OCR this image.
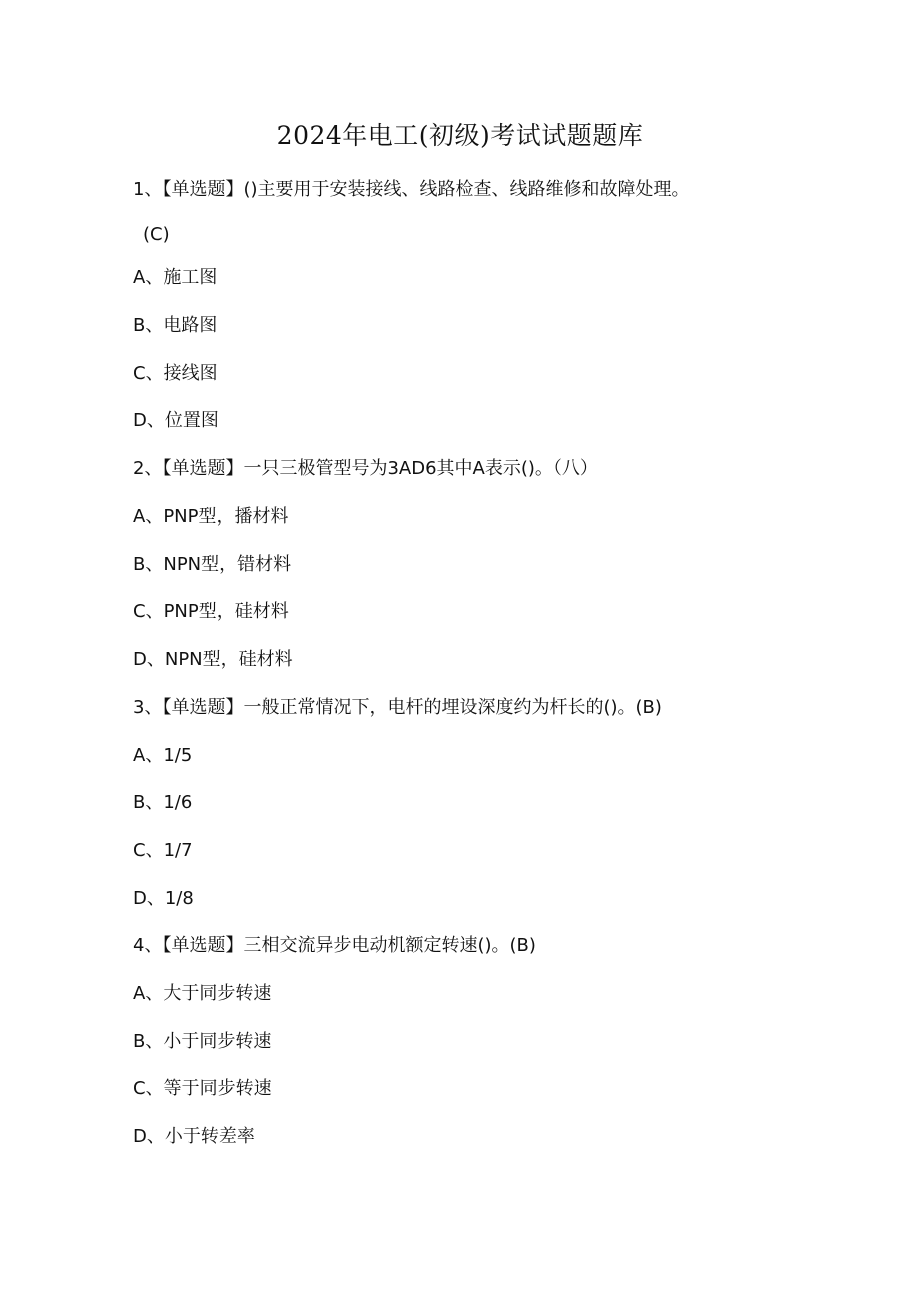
2024年电工(初级)考试试题题库
1、【单选题】()主要用于安装接线、线路检查、线路维修和故障处理。
(C)
A、施工图
B、电路图
C、接线图
D、位置图
2、【单选题】一只三极管型号为3AD6其中A表示()。（八）
A、PNP型，播材料
B、NPN型，错材料
C、PNP型，硅材料
D、NPN型，硅材料
3、【单选题】一般正常情况下，电杆的埋设深度约为杆长的()。(B)
A、1/5
B、1/6
C、1/7
D、1/8
4、【单选题】三相交流异步电动机额定转速()。(B)
A、大于同步转速
B、小于同步转速
C、等于同步转速
D、小于转差率
